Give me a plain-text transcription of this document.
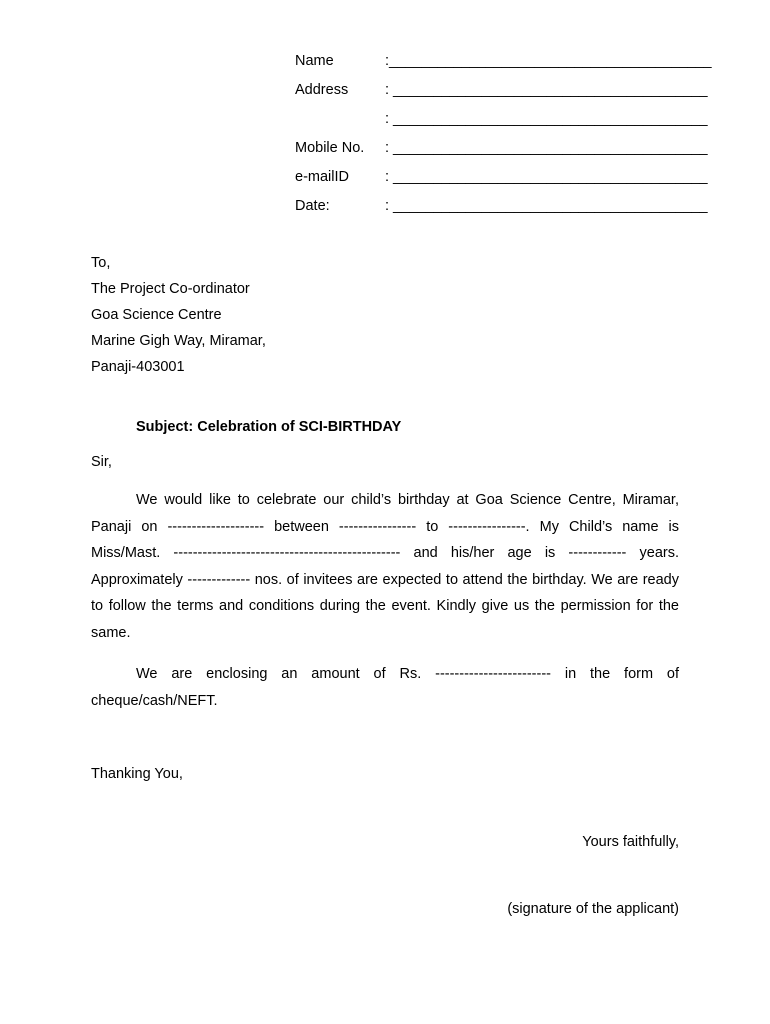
Name	:________________________________________
Address	: _______________________________________
: _______________________________________
Mobile No. : _______________________________________
e-mailID : _______________________________________
Date:	: _______________________________________
To,
The Project Co-ordinator
Goa Science Centre
Marine Gigh Way, Miramar,
Panaji-403001
Subject: Celebration of SCI-BIRTHDAY
Sir,
We would like to celebrate our child’s birthday at Goa Science Centre, Miramar, Panaji on -------------------- between ---------------- to ----------------. My Child’s name is Miss/Mast. ----------------------------------------------- and his/her age is ------------ years. Approximately ------------- nos. of invitees are expected to attend the birthday. We are ready to follow the terms and conditions during the event. Kindly give us the permission for the same.
We are enclosing an amount of Rs. ------------------------ in the form of cheque/cash/NEFT.
Thanking You,
Yours faithfully,
(signature of the applicant)
